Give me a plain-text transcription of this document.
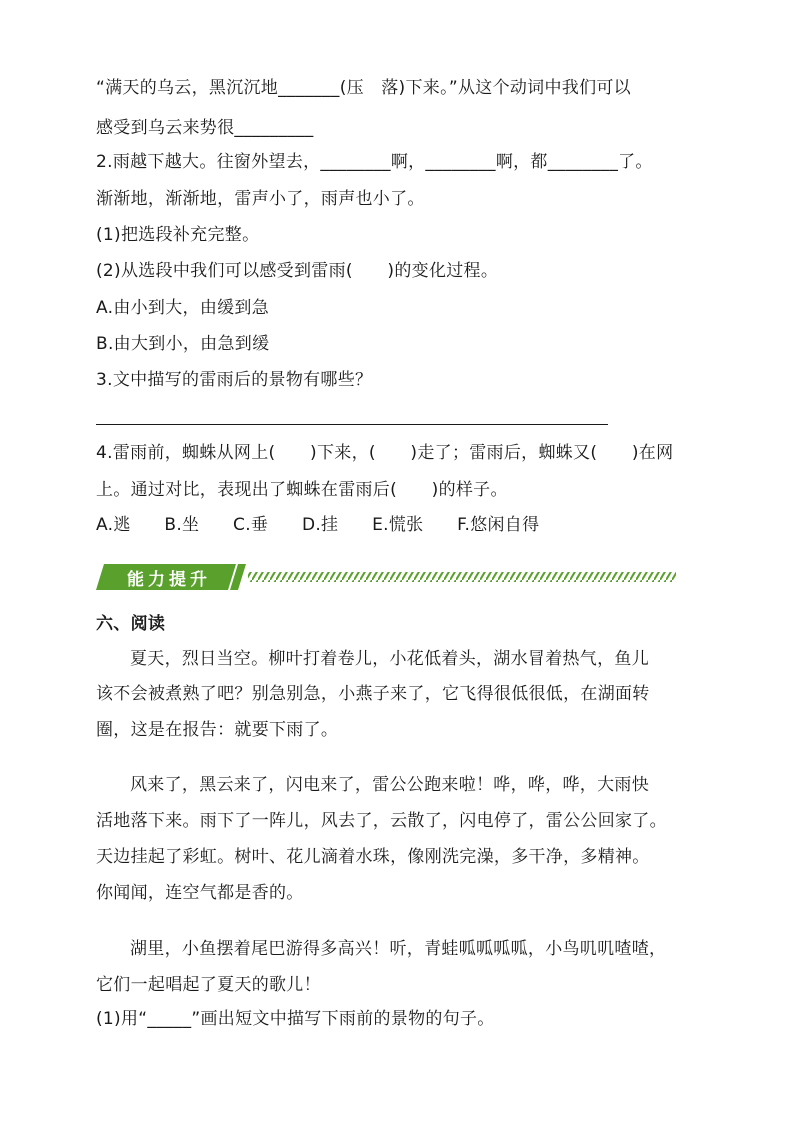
“满天的乌云，黑沉沉地_______(压　落)下来。”从这个动词中我们可以
感受到乌云来势很_________
2.雨越下越大。往窗外望去，________啊，________啊，都________了。
渐渐地，渐渐地，雷声小了，雨声也小了。
(1)把选段补充完整。
(2)从选段中我们可以感受到雷雨(　　)的变化过程。
A.由小到大，由缓到急
B.由大到小，由急到缓
3.文中描写的雷雨后的景物有哪些？
4.雷雨前，蜘蛛从网上(　　)下来，(　　)走了；雷雨后，蜘蛛又(　　)在网
上。通过对比，表现出了蜘蛛在雷雨后(　　)的样子。
A.逃 B.坐 C.垂 D.挂 E.慌张 F.悠闲自得
能力提升
六、阅读
夏天，烈日当空。柳叶打着卷儿，小花低着头，湖水冒着热气，鱼儿
该不会被煮熟了吧？别急别急，小燕子来了，它飞得很低很低，在湖面转
圈，这是在报告：就要下雨了。
风来了，黑云来了，闪电来了，雷公公跑来啦！哗，哗，哗，大雨快
活地落下来。雨下了一阵儿，风去了，云散了，闪电停了，雷公公回家了。
天边挂起了彩虹。树叶、花儿滴着水珠，像刚洗完澡，多干净，多精神。
你闻闻，连空气都是香的。
湖里，小鱼摆着尾巴游得多高兴！听，青蛙呱呱呱呱，小鸟叽叽喳喳，
它们一起唱起了夏天的歌儿！
(1)用“_____”画出短文中描写下雨前的景物的句子。
